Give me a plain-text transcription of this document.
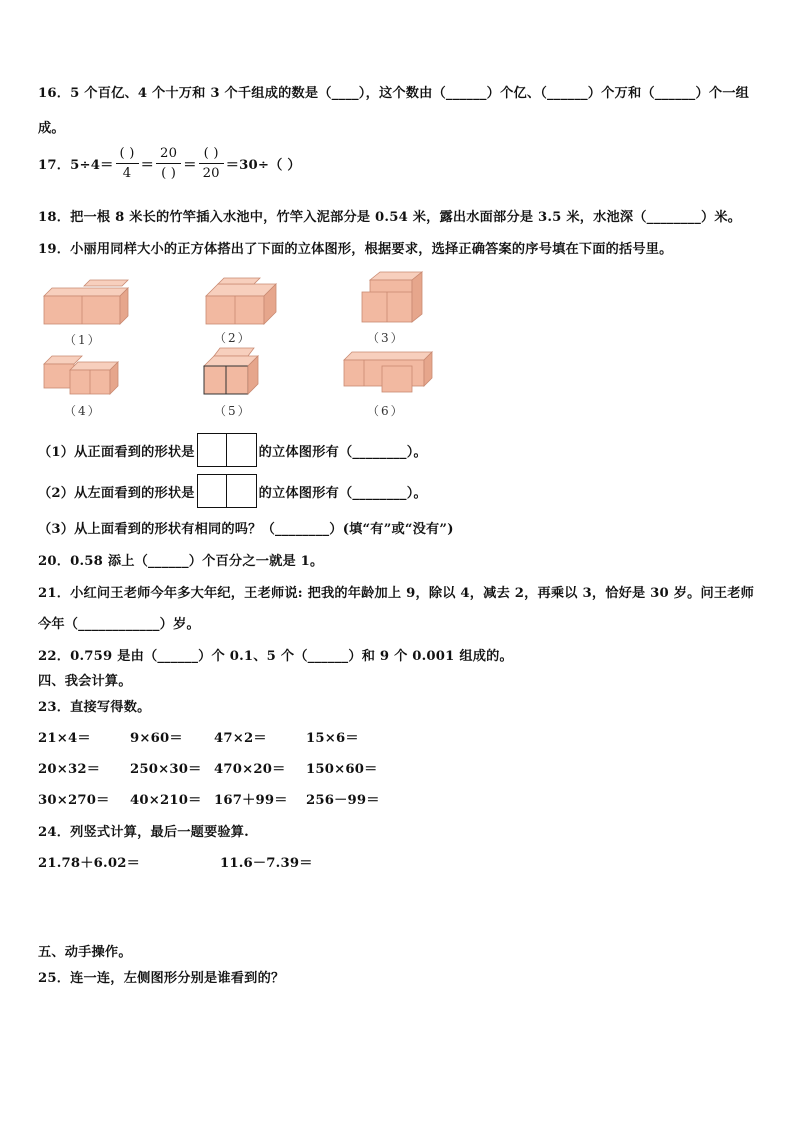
16．5 个百亿、4 个十万和 3 个千组成的数是（____），这个数由（______）个亿、（______）个万和（______）个一组
成。
17．$5\div 4= \frac{( )}{4} = \frac{20}{( )} = \frac{( )}{20} =30\div$（ ）
18．把一根 8 米长的竹竿插入水池中，竹竿入泥部分是 0.54 米，露出水面部分是 3.5 米，水池深（________）米。
19．小丽用同样大小的正方体搭出了下面的立体图形，根据要求，选择正确答案的序号填在下面的括号里。
（1）	（2）	（3）
（4）	（5）	（6）
（1）从正面看到的形状是	的立体图形有（________）。
（2）从左面看到的形状是	的立体图形有（________）。
（3）从上面看到的形状有相同的吗？（________）(填“有”或“没有”)
20．0.58 添上（______）个百分之一就是 1。
21．小红问王老师今年多大年纪，王老师说: 把我的年龄加上 9，除以 4，减去 2，再乘以 3，恰好是 30 岁。问王老师
今年（____________）岁。
22．0.759 是由（______）个 0.1、5 个（______）和 9 个 0.001 组成的。
四、我会计算。
23．直接写得数。
21×4＝	9×60＝ 47×2＝	15×6＝
20×32＝ 250×30＝ 470×20＝ 150×60＝
30×270＝ 40×210＝ 167＋99＝ 256－99＝
24．列竖式计算，最后一题要验算.
21.78＋6.02＝	11.6－7.39＝
五、动手操作。
25．连一连，左侧图形分别是谁看到的？
